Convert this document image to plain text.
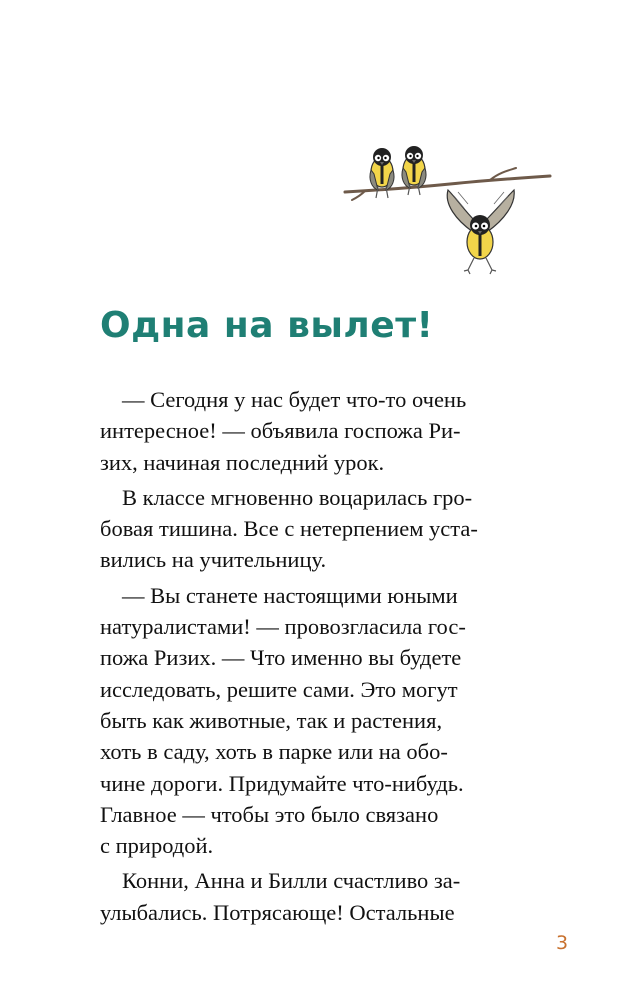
Одна на вылет!

— Сегодня у нас будет что-то очень
интересное! — объявила госпожа Ри-
зих, начиная последний урок.

В классе мгновенно воцарилась гро-
бовая тишина. Все с нетерпением уста-
вились на учительницу.

— Вы станете настоящими юными
натуралистами! — провозгласила гос-
пожа Ризих. — Что именно вы будете
исследовать, решите сами. Это могут
быть как животные, так и растения,
хоть в саду, хоть в парке или на обо-
чине дороги. Придумайте что-нибудь.
Главное — чтобы это было связано
с природой.

Конни, Анна и Билли счастливо за-
улыбались. Потрясающе! Остальные

3
